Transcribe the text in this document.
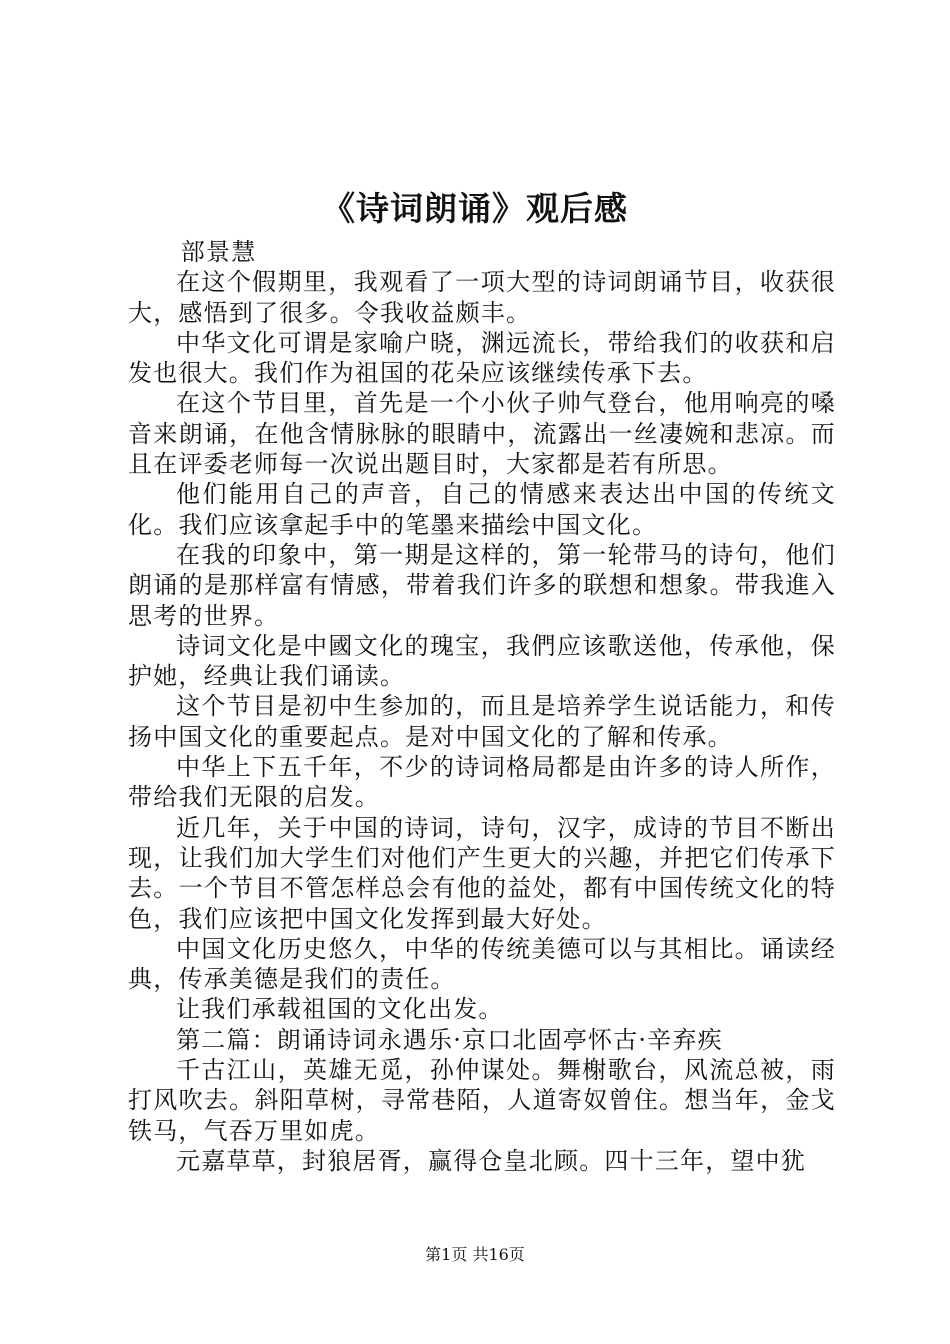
《诗词朗诵》观后感

部景慧

在这个假期里，我观看了一项大型的诗词朗诵节目，收获很大，感悟到了很多。令我收益颇丰。

中华文化可谓是家喻户晓，渊远流长，带给我们的收获和启发也很大。我们作为祖国的花朵应该继续传承下去。

在这个节目里，首先是一个小伙子帅气登台，他用响亮的嗓音来朗诵，在他含情脉脉的眼睛中，流露出一丝凄婉和悲凉。而且在评委老师每一次说出题目时，大家都是若有所思。

他们能用自己的声音，自己的情感来表达出中国的传统文化。我们应该拿起手中的笔墨来描绘中国文化。

在我的印象中，第一期是这样的，第一轮带马的诗句，他们朗诵的是那样富有情感，带着我们许多的联想和想象。带我進入思考的世界。

诗词文化是中國文化的瑰宝，我們应该歌送他，传承他，保护她，经典让我们诵读。

这个节目是初中生参加的，而且是培养学生说话能力，和传扬中国文化的重要起点。是对中国文化的了解和传承。

中华上下五千年，不少的诗词格局都是由许多的诗人所作，带给我们无限的启发。

近几年，关于中国的诗词，诗句，汉字，成诗的节目不断出现，让我们加大学生们对他们产生更大的兴趣，并把它们传承下去。一个节目不管怎样总会有他的益处，都有中国传统文化的特色，我们应该把中国文化发挥到最大好处。

中国文化历史悠久，中华的传统美德可以与其相比。诵读经典，传承美德是我们的责任。

让我们承载祖国的文化出发。

第二篇：朗诵诗词永遇乐·京口北固亭怀古·辛弃疾

千古江山，英雄无觅，孙仲谋处。舞榭歌台，风流总被，雨打风吹去。斜阳草树，寻常巷陌，人道寄奴曾住。想当年，金戈铁马，气吞万里如虎。

元嘉草草，封狼居胥，赢得仓皇北顾。四十三年，望中犹

第1页 共16页
